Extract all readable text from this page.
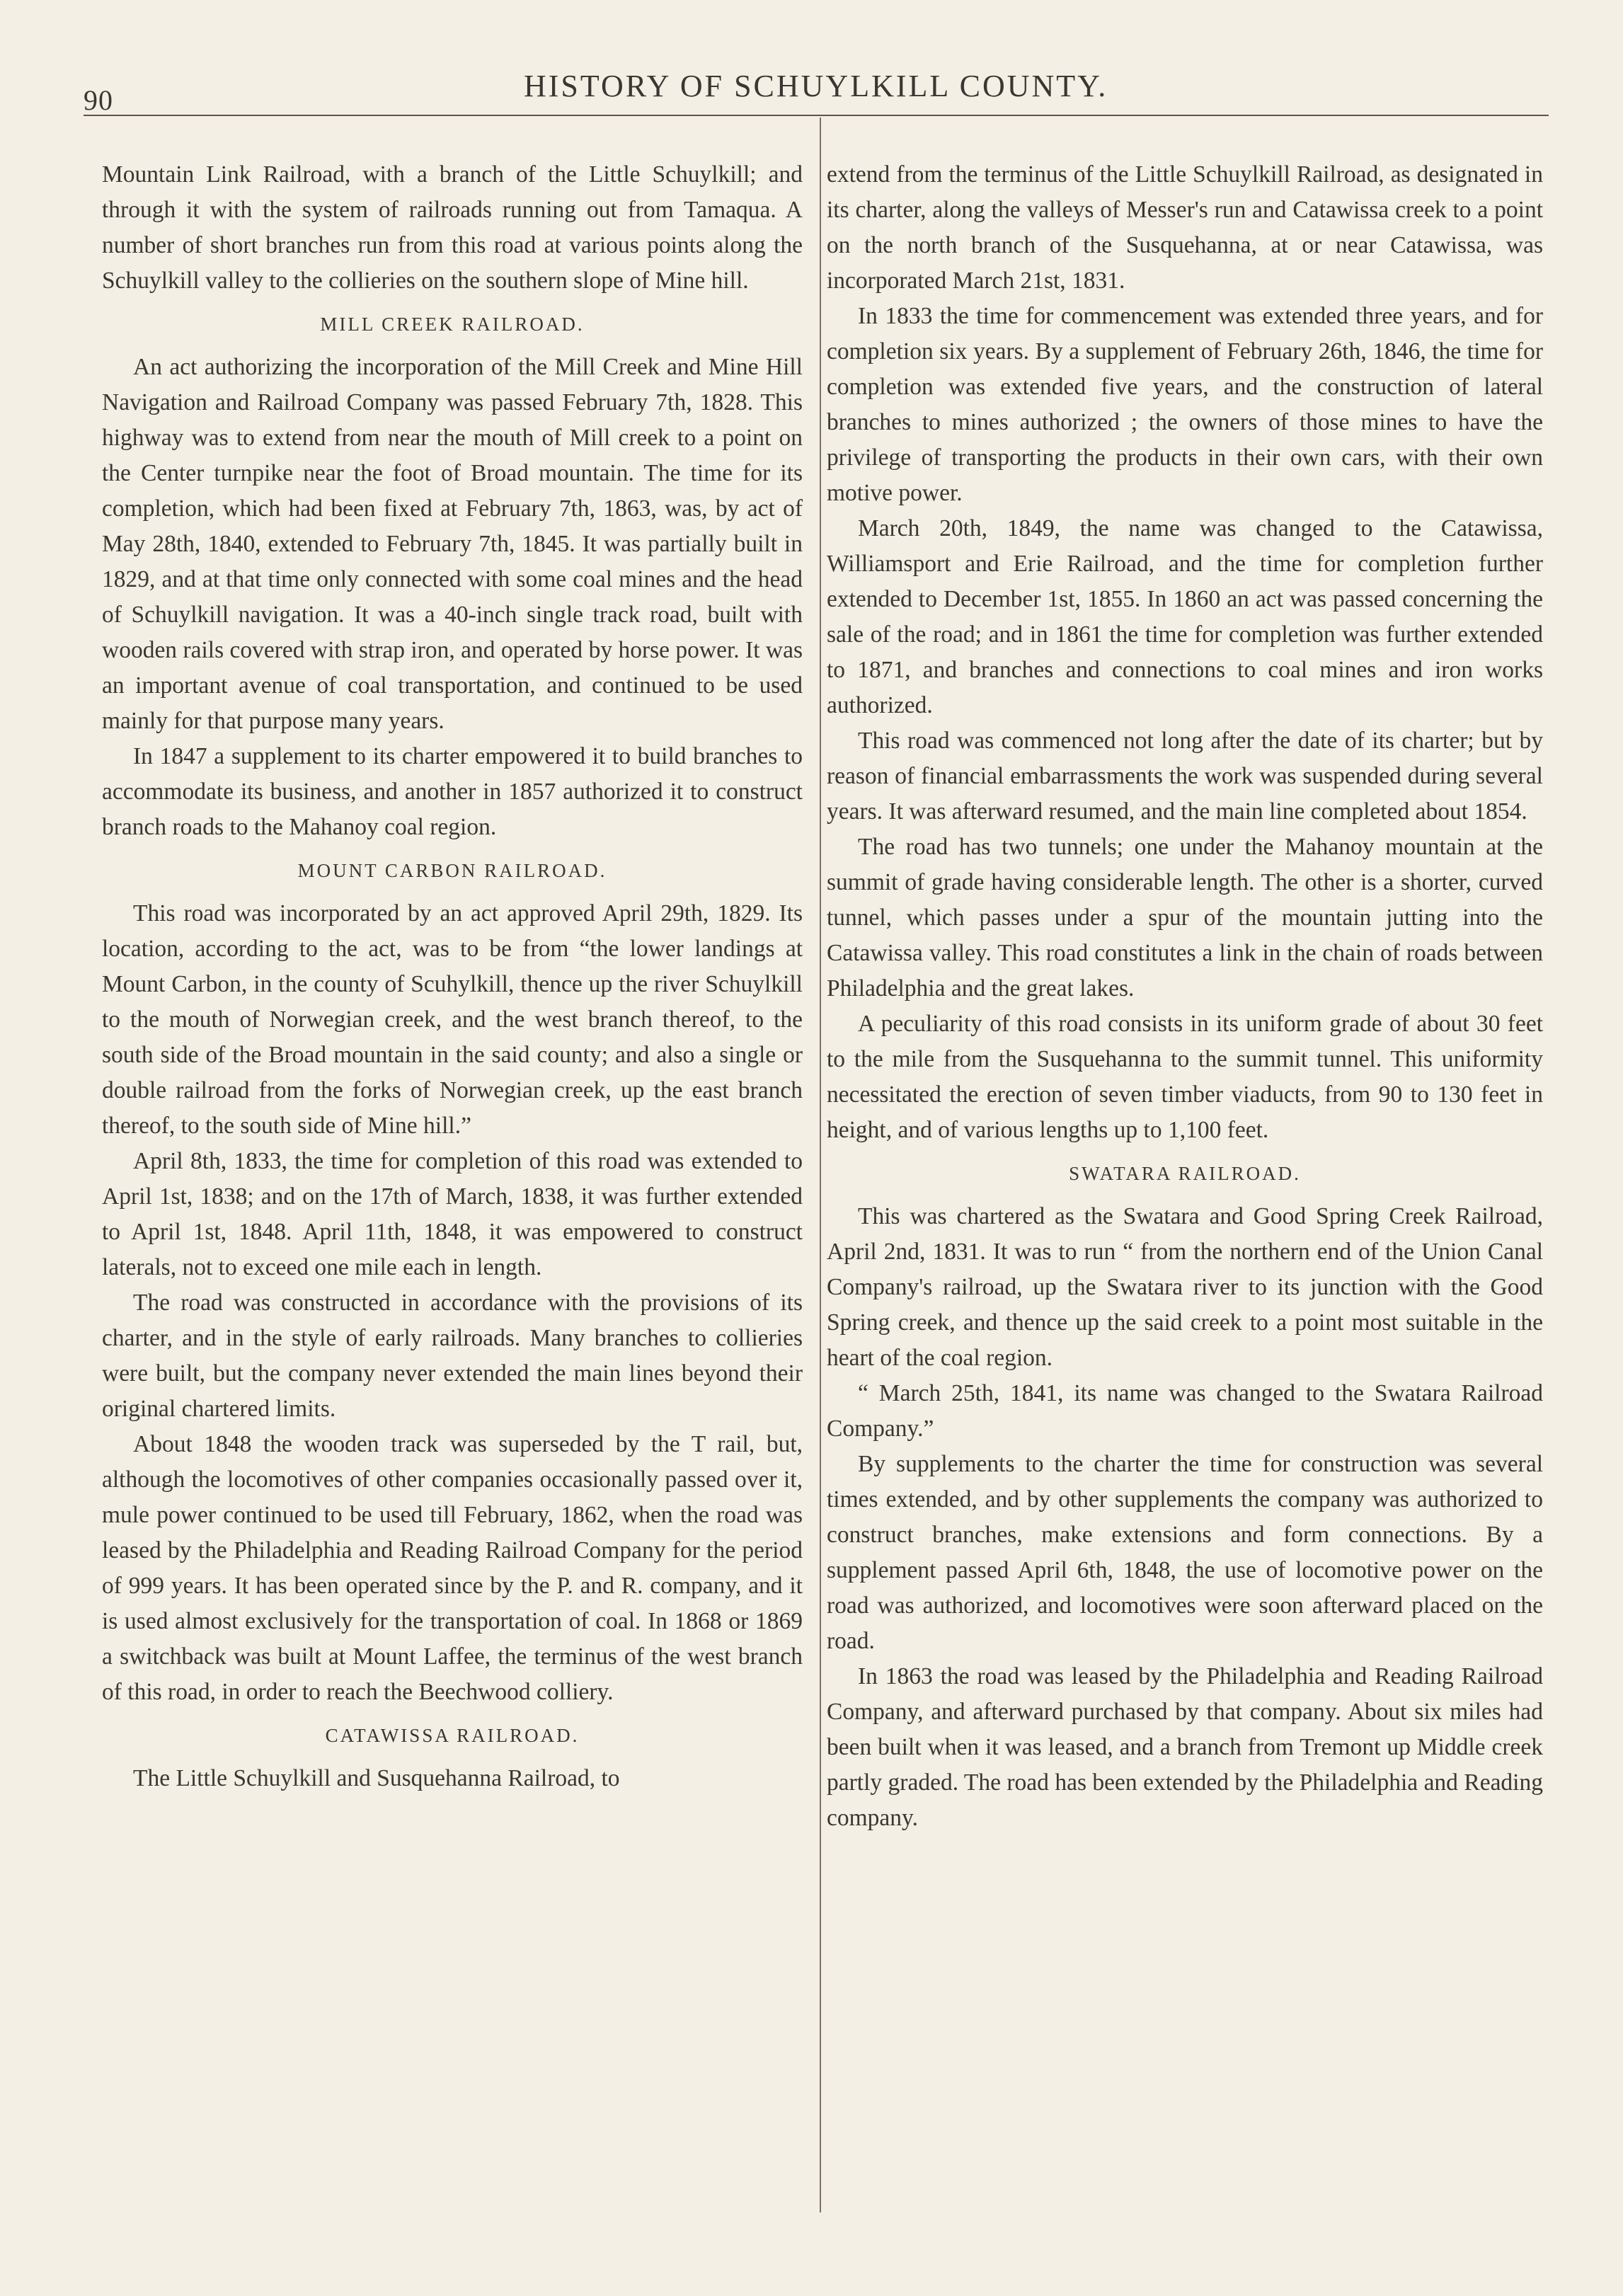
90	HISTORY OF SCHUYLKILL COUNTY.

Mountain Link Railroad, with a branch of the Little Schuylkill; and through it with the system of railroads running out from Tamaqua. A number of short branches run from this road at various points along the Schuylkill valley to the collieries on the southern slope of Mine hill.

MILL CREEK RAILROAD.

An act authorizing the incorporation of the Mill Creek and Mine Hill Navigation and Railroad Company was passed February 7th, 1828. This highway was to extend from near the mouth of Mill creek to a point on the Center turnpike near the foot of Broad mountain. The time for its completion, which had been fixed at February 7th, 1863, was, by act of May 28th, 1840, extended to February 7th, 1845. It was partially built in 1829, and at that time only connected with some coal mines and the head of Schuylkill navigation. It was a 40-inch single track road, built with wooden rails covered with strap iron, and operated by horse power. It was an important avenue of coal transportation, and continued to be used mainly for that purpose many years.

In 1847 a supplement to its charter empowered it to build branches to accommodate its business, and another in 1857 authorized it to construct branch roads to the Mahanoy coal region.

MOUNT CARBON RAILROAD.

This road was incorporated by an act approved April 29th, 1829. Its location, according to the act, was to be from “the lower landings at Mount Carbon, in the county of Scuhylkill, thence up the river Schuylkill to the mouth of Norwegian creek, and the west branch thereof, to the south side of the Broad mountain in the said county; and also a single or double railroad from the forks of Norwegian creek, up the east branch thereof, to the south side of Mine hill.”

April 8th, 1833, the time for completion of this road was extended to April 1st, 1838; and on the 17th of March, 1838, it was further extended to April 1st, 1848. April 11th, 1848, it was empowered to construct laterals, not to exceed one mile each in length.

The road was constructed in accordance with the provisions of its charter, and in the style of early railroads. Many branches to collieries were built, but the company never extended the main lines beyond their original chartered limits.

About 1848 the wooden track was superseded by the T rail, but, although the locomotives of other companies occasionally passed over it, mule power continued to be used till February, 1862, when the road was leased by the Philadelphia and Reading Railroad Company for the period of 999 years. It has been operated since by the P. and R. company, and it is used almost exclusively for the transportation of coal. In 1868 or 1869 a switchback was built at Mount Laffee, the terminus of the west branch of this road, in order to reach the Beechwood colliery.

CATAWISSA RAILROAD.

The Little Schuylkill and Susquehanna Railroad, to

extend from the terminus of the Little Schuylkill Railroad, as designated in its charter, along the valleys of Messer's run and Catawissa creek to a point on the north branch of the Susquehanna, at or near Catawissa, was incorporated March 21st, 1831.

In 1833 the time for commencement was extended three years, and for completion six years. By a supplement of February 26th, 1846, the time for completion was extended five years, and the construction of lateral branches to mines authorized ; the owners of those mines to have the privilege of transporting the products in their own cars, with their own motive power.

March 20th, 1849, the name was changed to the Catawissa, Williamsport and Erie Railroad, and the time for completion further extended to December 1st, 1855. In 1860 an act was passed concerning the sale of the road; and in 1861 the time for completion was further extended to 1871, and branches and connections to coal mines and iron works authorized.

This road was commenced not long after the date of its charter; but by reason of financial embarrassments the work was suspended during several years. It was afterward resumed, and the main line completed about 1854.

The road has two tunnels; one under the Mahanoy mountain at the summit of grade having considerable length. The other is a shorter, curved tunnel, which passes under a spur of the mountain jutting into the Catawissa valley. This road constitutes a link in the chain of roads between Philadelphia and the great lakes.

A peculiarity of this road consists in its uniform grade of about 30 feet to the mile from the Susquehanna to the summit tunnel. This uniformity necessitated the erection of seven timber viaducts, from 90 to 130 feet in height, and of various lengths up to 1,100 feet.

SWATARA RAILROAD.

This was chartered as the Swatara and Good Spring Creek Railroad, April 2nd, 1831. It was to run “ from the northern end of the Union Canal Company's railroad, up the Swatara river to its junction with the Good Spring creek, and thence up the said creek to a point most suitable in the heart of the coal region.

“ March 25th, 1841, its name was changed to the Swatara Railroad Company.”

By supplements to the charter the time for construction was several times extended, and by other supplements the company was authorized to construct branches, make extensions and form connections. By a supplement passed April 6th, 1848, the use of locomotive power on the road was authorized, and locomotives were soon afterward placed on the road.

In 1863 the road was leased by the Philadelphia and Reading Railroad Company, and afterward purchased by that company. About six miles had been built when it was leased, and a branch from Tremont up Middle creek partly graded. The road has been extended by the Philadelphia and Reading company.
